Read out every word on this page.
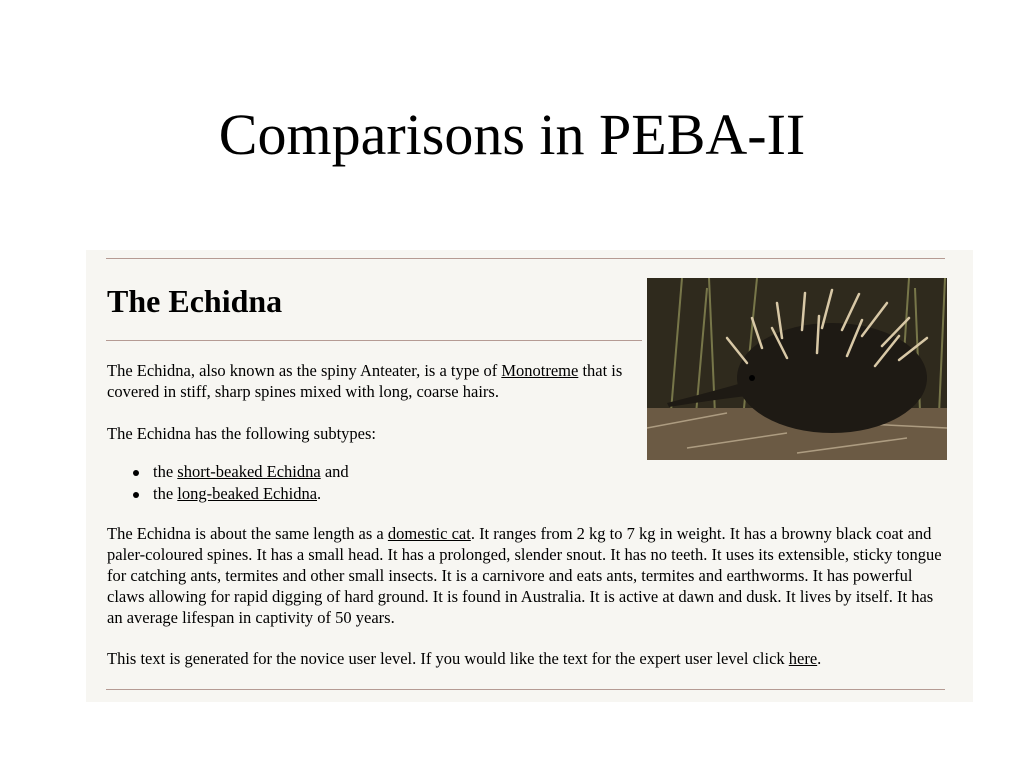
Comparisons in PEBA-II
The Echidna

The Echidna, also known as the spiny Anteater, is a type of Monotreme that is covered in stiff, sharp spines mixed with long, coarse hairs.

The Echidna has the following subtypes:

the short-beaked Echidna and
the long-beaked Echidna.

The Echidna is about the same length as a domestic cat. It ranges from 2 kg to 7 kg in weight. It has a browny black coat and paler-coloured spines. It has a small head. It has a prolonged, slender snout. It has no teeth. It uses its extensible, sticky tongue for catching ants, termites and other small insects. It is a carnivore and eats ants, termites and earthworms. It has powerful claws allowing for rapid digging of hard ground. It is found in Australia. It is active at dawn and dusk. It lives by itself. It has an average lifespan in captivity of 50 years.

This text is generated for the novice user level. If you would like the text for the expert user level click here.
